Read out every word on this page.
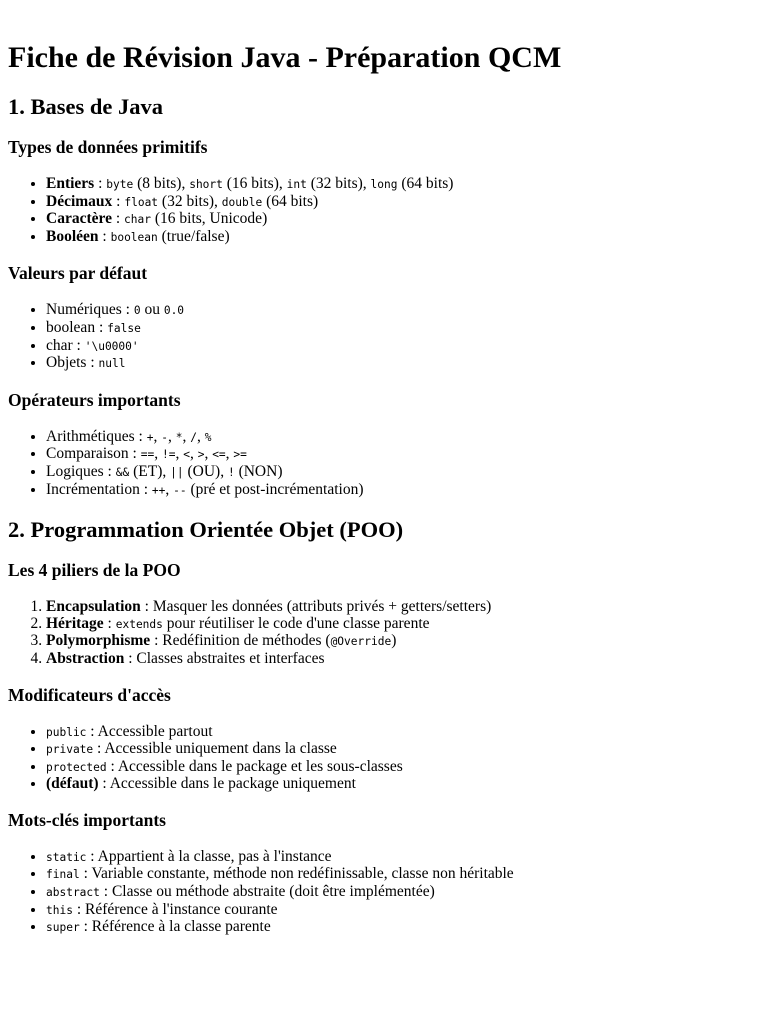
Fiche de Révision Java - Préparation QCM
1. Bases de Java
Types de données primitifs
• Entiers : byte (8 bits), short (16 bits), int (32 bits), long (64 bits)
• Décimaux : float (32 bits), double (64 bits)
• Caractère : char (16 bits, Unicode)
• Booléen : boolean (true/false)
Valeurs par défaut
• Numériques : 0 ou 0.0
• boolean : false
• char : '\u0000'
• Objets : null
Opérateurs importants
• Arithmétiques : +, -, *, /, %
• Comparaison : ==, !=, <, >, <=, >=
• Logiques : && (ET), || (OU), ! (NON)
• Incrémentation : ++, -- (pré et post-incrémentation)
2. Programmation Orientée Objet (POO)
Les 4 piliers de la POO
1. Encapsulation : Masquer les données (attributs privés + getters/setters)
2. Héritage : extends pour réutiliser le code d'une classe parente
3. Polymorphisme : Redéfinition de méthodes (@Override)
4. Abstraction : Classes abstraites et interfaces
Modificateurs d'accès
• public : Accessible partout
• private : Accessible uniquement dans la classe
• protected : Accessible dans le package et les sous-classes
• (défaut) : Accessible dans le package uniquement
Mots-clés importants
• static : Appartient à la classe, pas à l'instance
• final : Variable constante, méthode non redéfinissable, classe non héritable
• abstract : Classe ou méthode abstraite (doit être implémentée)
• this : Référence à l'instance courante
• super : Référence à la classe parente
